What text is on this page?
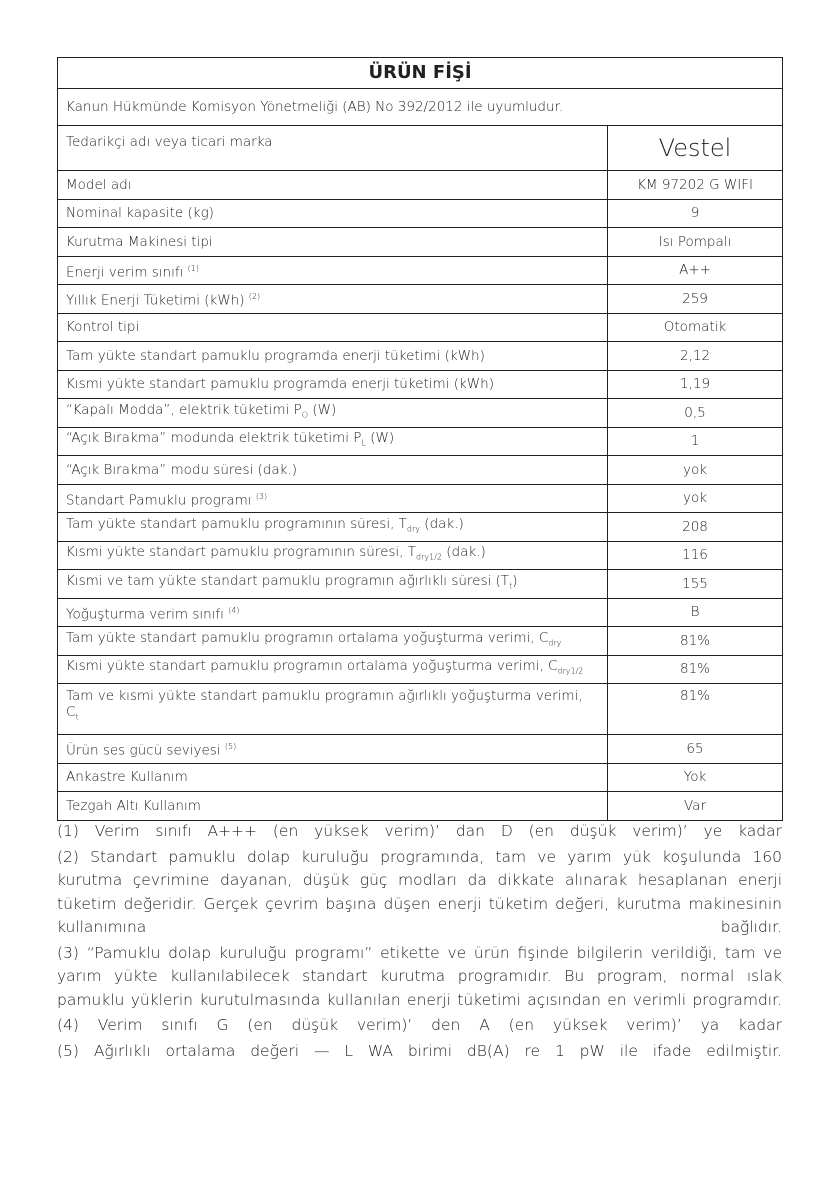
ÜRÜN FİŞİ	
Kanun Hükmünde Komisyon Yönetmeliği (AB) No 392/2012 ile uyumludur.	
Tedarikçi adı veya ticari marka	Vestel
Model adı	KM 97202 G WIFI
Nominal kapasite (kg)	9
Kurutma Makinesi tipi	Isı Pompalı
Enerji verim sınıfı $^{(1)}$	A++
Yıllık Enerji Tüketimi (kWh) $^{(2)}$	259
Kontrol tipi	Otomatik
Tam yükte standart pamuklu programda enerji tüketimi (kWh)	2,12
Kısmi yükte standart pamuklu programda enerji tüketimi (kWh)	1,19
“Kapalı Modda”, elektrik tüketimi $P_O$ (W)	0,5
“Açık Bırakma” modunda elektrik tüketimi $P_L$ (W)	1
“Açık Bırakma” modu süresi (dak.)	yok
Standart Pamuklu programı $^{(3)}$	yok
Tam yükte standart pamuklu programının süresi, $T_{dry}$ (dak.)	208
Kısmi yükte standart pamuklu programının süresi, $T_{dry1/2}$ (dak.)	116
Kısmi ve tam yükte standart pamuklu programın ağırlıklı süresi $(T_t)$	155
Yoğuşturma verim sınıfı $^{(4)}$	B
Tam yükte standart pamuklu programın ortalama yoğuşturma verimi, $C_{dry}$	81%
Kısmi yükte standart pamuklu programın ortalama yoğuşturma verimi, $C_{dry1/2}$	81%
Tam ve kısmi yükte standart pamuklu programın ağırlıklı yoğuşturma verimi, $C_t$	81%
Ürün ses gücü seviyesi $^{(5)}$	65
Ankastre Kullanım	Yok
Tezgah Altı Kullanım	Var

(1) Verim sınıfı A+++ (en yüksek verim)’ dan D (en düşük verim)’ ye kadar

(2) Standart pamuklu dolap kuruluğu programında, tam ve yarım yük koşulunda 160 kurutma çevrimine dayanan, düşük güç modları da dikkate alınarak hesaplanan enerji tüketim değeridir. Gerçek çevrim başına düşen enerji tüketim değeri, kurutma makinesinin kullanımına bağlıdır.

(3) “Pamuklu dolap kuruluğu programı” etikette ve ürün fişinde bilgilerin verildiği, tam ve yarım yükte kullanılabilecek standart kurutma programıdır. Bu program, normal ıslak pamuklu yüklerin kurutulmasında kullanılan enerji tüketimi açısından en verimli programdır.

(4) Verim sınıfı G (en düşük verim)’ den A (en yüksek verim)’ ya kadar

(5) Ağırlıklı ortalama değeri — L WA birimi dB(A) re 1 pW ile ifade edilmiştir.
